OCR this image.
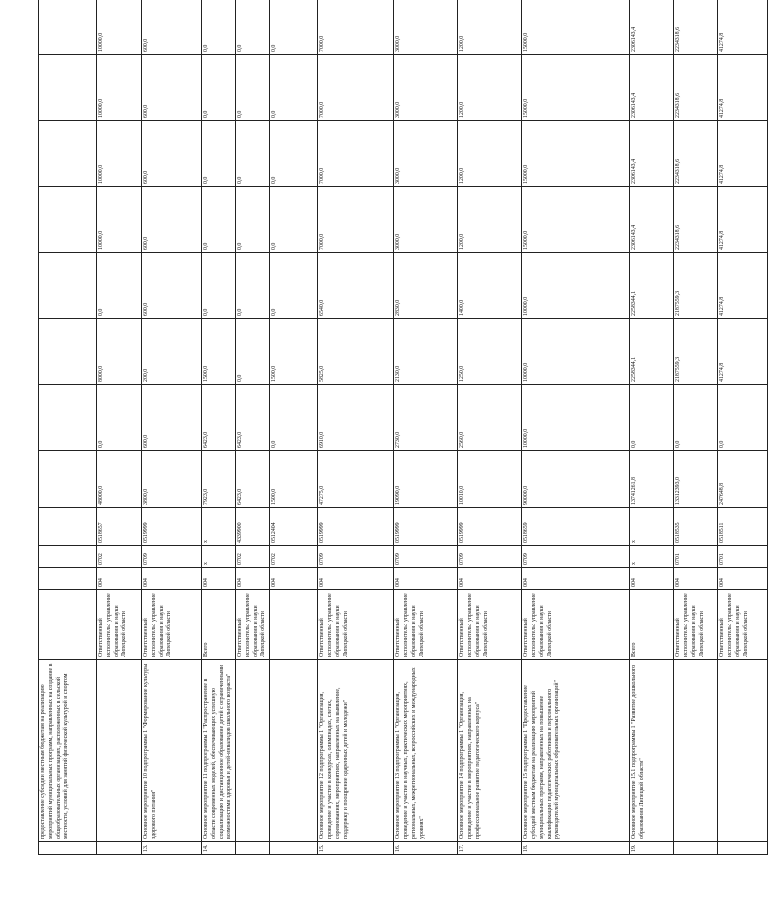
	предоставление субсидии местным бюджетам на реализацию мероприятий муниципальных программ, направленных на создание в общеобразовательных организациях, расположенных в сельской местности, условий для занятий физической культурой и спортом												
		Ответственный исполнитель: управление образования и науки Липецкой области	004	0702	0518657	48000,0	0,0	8000,0	0,0	10000,0	10000,0	10000,0	10000,0
13.	Основное мероприятие 10 подпрограммы 1 "Формирование культуры здорового питания"	Ответственный исполнитель: управление образования и науки Липецкой области	004	0709	0519999	3800,0	600,0	200,0	600,0	600,0	600,0	600,0	600,0
14.	Основное мероприятие 11 подпрограммы 1 "Распространение в области современных моделей, обеспечивающих успешную социализацию и дистанционное образование детей с ограниченными возможностями здоровья и детей-инвалидов школьного возраста"	Всего	004	х	х	7923,0	6423,0	1500,0	0,0	0,0	0,0	0,0	0,0
		Ответственный исполнитель: управление образования и науки Липецкой области	004	0702	4339900	6423,0	6423,0	0,0	0,0	0,0	0,0	0,0	0,0
			004	0702	0512404	1500,0	0,0	1500,0	0,0	0,0	0,0	0,0	0,0
15.	Основное мероприятие 12 подпрограммы 1 "Организация, проведение и участие в конкурсах, олимпиадах, слетах, соревнованиях, мероприятиях, направленных на выявление, поддержку и поощрение одаренных детей и молодежи"	Ответственный исполнитель: управление образования и науки Липецкой области	004	0709	0519999	47275,0	6910,0	5825,0	6540,0	7000,0	7000,0	7000,0	7000,0
16.	Основное мероприятие 13 подпрограммы 1 "Организация, проведение и участие в научных, практических мероприятиях, региональных, межрегиональных, всероссийских и международных уровнях"	Ответственный исполнитель: управление образования и науки Липецкой области	004	0709	0519999	19090,0	2730,0	2130,0	2830,0	3000,0	3000,0	3000,0	3000,0
17.	Основное мероприятие 14 подпрограммы 1 "Организация, проведение и участие в мероприятиях, направленных на профессиональное развитие педагогического корпуса"	Ответственный исполнитель: управление образования и науки Липецкой области	004	0709	0519999	10010,0	2560,0	1250,0	1400,0	1200,0	1200,0	1200,0	1200,0
18.	Основное мероприятие 15 подпрограммы 1 "Предоставление субсидий местным бюджетам на реализацию мероприятий муниципальных программ, направленных на повышение квалификации педагогических работников и персонального руководителей муниципальных образовательных организаций"	Ответственный исполнитель: управление образования и науки Липецкой области	004	0709	0518659	90000,0	10000,0	10000,0	10000,0	15000,0	15000,0	15000,0	15000,0
19.	Основное мероприятие 15.1 подпрограммы 1 "Развитие дошкольного образования Липецкой области"	Всего	004	х	х	13741261,8	0,0	2258344,1	2258344,1	2306143,4	2306143,4	2306143,4	2306143,4
		Ответственный исполнитель: управление образования и науки Липецкой области	004	0701	0518535	13312393,0	0,0	2187559,3	2187559,3	2234318,6	2234318,6	2234318,6	2234318,6
		Ответственный исполнитель: управление образования и науки Липецкой области	004	0701	0518511	247648,8	0,0	41274,8	41274,8	41274,8	41274,8	41274,8	41274,8
